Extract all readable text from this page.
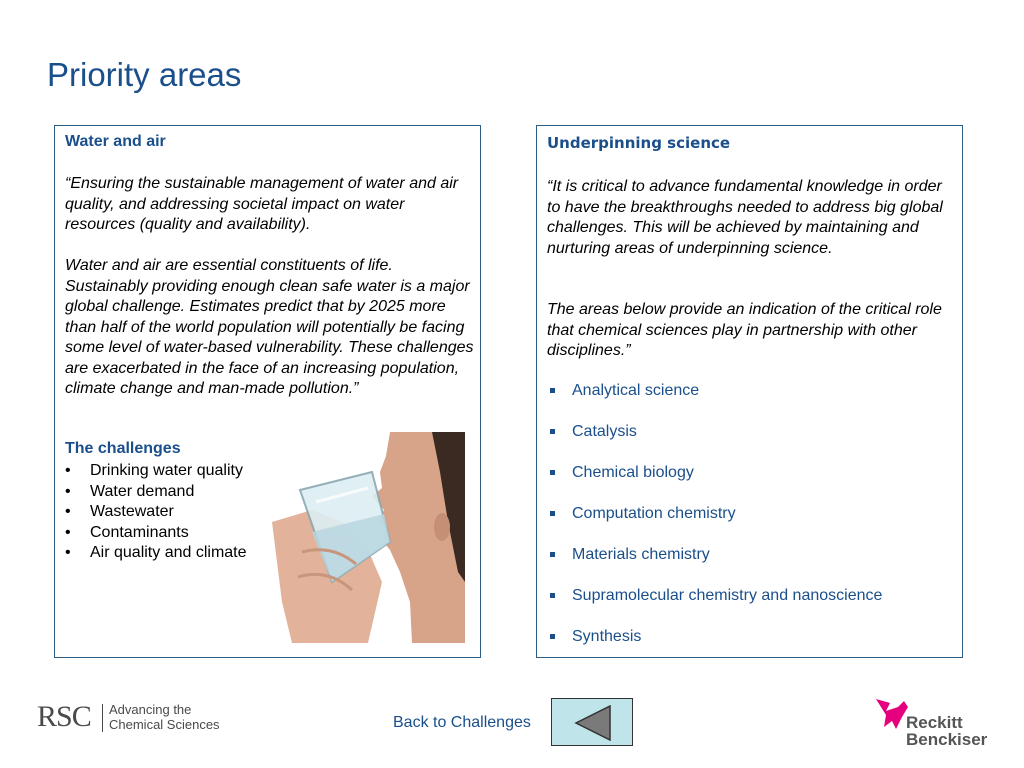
Priority areas
Water and air

“Ensuring the sustainable management of water and air quality, and addressing societal impact on water resources (quality and availability).

Water and air are essential constituents of life. Sustainably providing enough clean safe water is a major global challenge. Estimates predict that by 2025 more than half of the world population will potentially be facing some level of water-based vulnerability. These challenges are exacerbated in the face of an increasing population, climate change and man-made pollution.”

The challenges
• Drinking water quality
• Water demand
• Wastewater
• Contaminants
• Air quality and climate
Underpinning science

“It is critical to advance fundamental knowledge in order to have the breakthroughs needed to address big global challenges. This will be achieved by maintaining and nurturing areas of underpinning science.

The areas below provide an indication of the critical role that chemical sciences play in partnership with other disciplines.”

Analytical science
Catalysis
Chemical biology
Computation chemistry
Materials chemistry
Supramolecular chemistry and nanoscience
Synthesis
RSC Advancing the
Chemical Sciences	Back to Challenges	Reckitt
Benckiser
